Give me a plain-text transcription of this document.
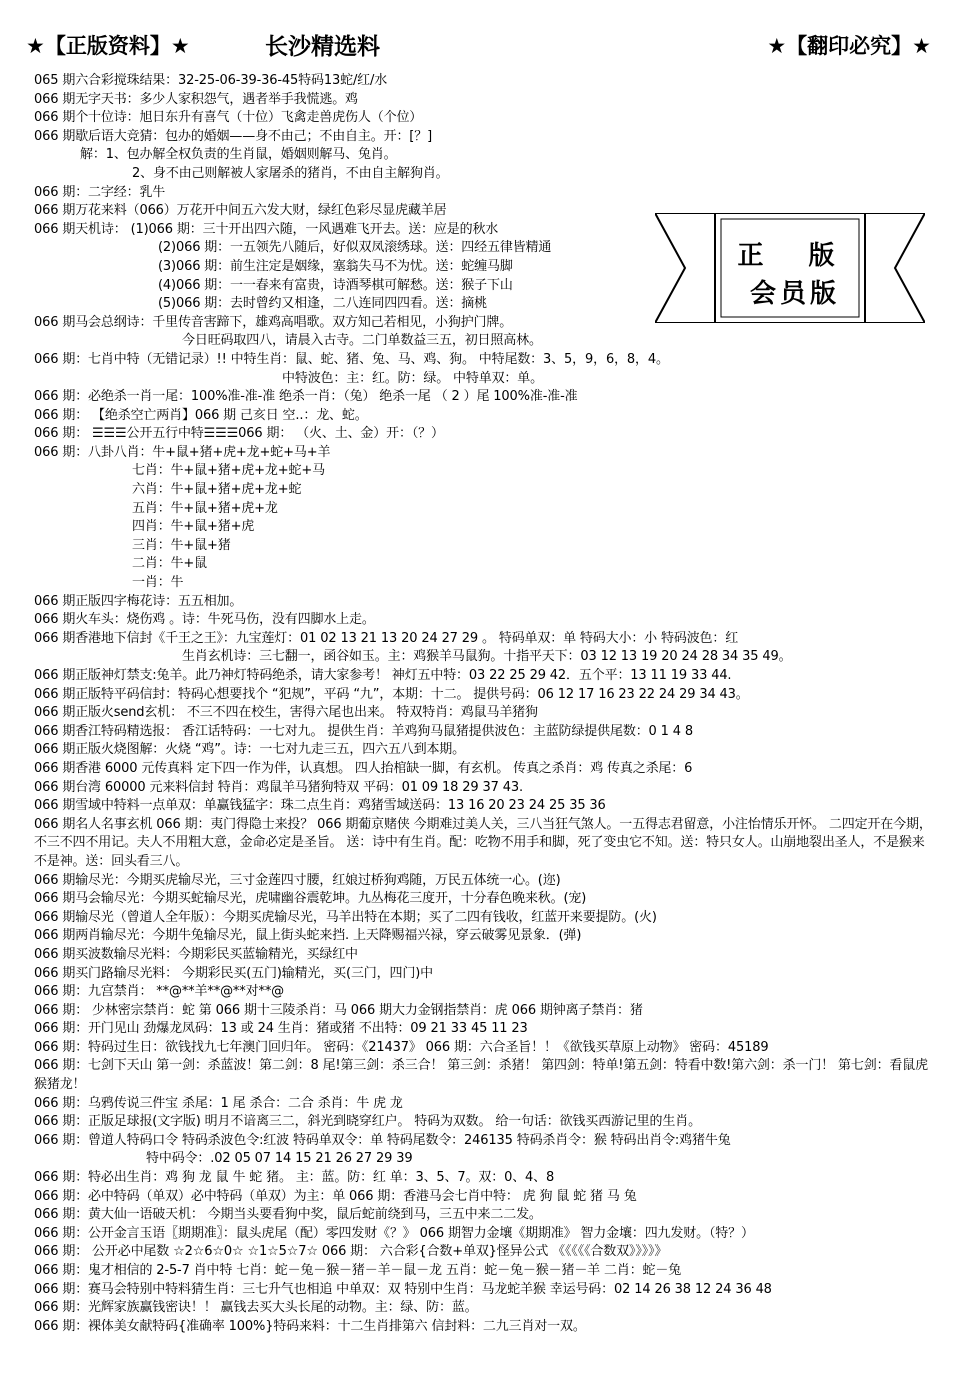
★【正版资料】★	长沙精选料	★【翻印必究】★
正 版
会员版
065 期六合彩搅珠结果：32-25-06-39-36-45特码13蛇/红/水
066 期无字天书：多少人家积怨气，遇者举手我慌逃。鸡
066 期个十位诗：旭日东升有喜气（十位）飞禽走兽虎伤人（个位）
066 期歇后语大竞猜：包办的婚姻——身不由己；不由自主。开：[？]
解：1、包办解全权负责的生肖鼠，婚姻则解马、兔肖。
2、身不由己则解被人家屠杀的猪肖，不由自主解狗肖。
066 期：二字经：乳牛
066 期万花来料（066）万花开中间五六发大财，绿红色彩尽显虎藏羊居
066 期天机诗： (1)066 期：三十开出四六随，一风遇难飞开去。送：应是的秋水
(2)066 期：一五领先八随后，好似双凤滚绣球。送：四经五律皆精通
(3)066 期：前生注定是姻缘，塞翁失马不为忧。送：蛇缠马脚
(4)066 期：一一春来有富贵，诗酒琴棋可解愁。送：猴子下山
(5)066 期：去时曾约又相逢，二八连同四四看。送：摘桃
066 期马会总纲诗：千里传音害蹄下，雄鸡高唱歌。双方知己若相见，小狗护门牌。
今日旺码取四八，请晨入古寺。二门单数益三五，初日照高林。
066 期：七肖中特（无错记录）!! 中特生肖：鼠、蛇、猪、兔、马、鸡、狗。 中特尾数：3、5，9，6，8，4。
中特波色：主：红。防：绿。 中特单双：单。
066 期：必绝杀一肖一尾：100%准-准-准 绝杀一肖：（兔） 绝杀一尾 （ 2 ）尾 100%准-准-准
066 期： 【绝杀空亡两肖】066 期 己亥日 空..：龙、蛇。
066 期： ☰☰☰公开五行中特☰☰☰066 期： （火、土、金）开：（？）
066 期：八卦八肖：牛+鼠+猪+虎+龙+蛇+马+羊
七肖：牛+鼠+猪+虎+龙+蛇+马
六肖：牛+鼠+猪+虎+龙+蛇
五肖：牛+鼠+猪+虎+龙
四肖：牛+鼠+猪+虎
三肖：牛+鼠+猪
二肖：牛+鼠
一肖：牛
066 期正版四字梅花诗：五五相加。
066 期火车头：烧伤鸡 。诗：牛死马伤，没有四脚水上走。
066 期香港地下信封《千王之王》：九宝莲灯：01 02 13 21 13 20 24 27 29 。 特码单双：单 特码大小：小 特码波色：红
生肖玄机诗：三七翻一，函谷如玉。主：鸡猴羊马鼠狗。十指平天下：03 12 13 19 20 24 28 34 35 49。
066 期正版神灯禁支:兔羊。此乃神灯特码绝杀，请大家参考！ 神灯五中特：03 22 25 29 42．五个平：13 11 19 33 44.
066 期正版特平码信封：特码心想要找个 “犯规”，平码 “九”，本期：十二。 提供号码：06 12 17 16 23 22 24 29 34 43。
066 期正版火send玄机： 不三不四在校生，害得六尾也出来。 特双特肖：鸡鼠马羊猪狗
066 期香江特码精选报： 香江话特码：一七对九。 提供生肖：羊鸡狗马鼠猪提供波色：主蓝防绿提供尾数：0 1 4 8
066 期正版火烧图解：火烧 “鸡”。诗：一七对九走三五，四六五八到本期。
066 期香港 6000 元传真料 定下四一作为伴，认真想。 四人抬棺缺一脚，有玄机。 传真之杀肖：鸡 传真之杀尾：6
066 期台湾 60000 元来料信封 特肖：鸡鼠羊马猪狗特双 平码：01 09 18 29 37 43.
066 期雪域中特料一点单双：单赢钱猛字：珠二点生肖：鸡猪雪域送码：13 16 20 23 24 25 35 36
066 期名人名事玄机 066 期：夷门得隐士来投？ 066 期葡京赌侠 今期难过美人关，三八当狂气煞人。一五得志君留意，小注怡情乐开怀。 二四定开在今期，不三不四不用记。夫人不用粗大意，金命必定是圣旨。 送：诗中有生肖。配：吃物不用手和脚，死了变虫它不知。送：特只女人。山崩地裂出圣人，不是猴来不是神。送：回头看三八。
066 期输尽光：今期买虎输尽光，三寸金莲四寸腰，红娘过桥狗鸡随，万民五体统一心。(迩)
066 期马会输尽光：今期买蛇输尽光，虎啸幽谷震乾坤。九丛梅花三度开，十分春色晚来秋。(宠)
066 期输尽光（曾道人全年版）：今期买虎输尽光，马羊出特在本期；买了二四有钱收，红蓝开来要提防。(火)
066 期两肖输尽光：今期牛兔输尽光，鼠上街头蛇来挡. 上天降赐福兴禄，穿云破雾见景象．(弹)
066 期买波数输尽光料：今期彩民买蓝输精光，买绿红中
066 期买门路输尽光料： 今期彩民买(五门)输精光，买(三门，四门)中
066 期：九宫禁肖： **@**羊**@**对**@
066 期： 少林密宗禁肖：蛇 第 066 期十三陵杀肖：马 066 期大力金钢指禁肖：虎 066 期钟离子禁肖：猪
066 期：开门见山 劲爆龙凤码：13 或 24 生肖：猪或猪 不出特：09 21 33 45 11 23
066 期：特码过生日：欲钱找九七年澳门回归年。 密码：《21437》 066 期：六合圣旨！！《欲钱买草原上动物》 密码：45189
066 期：七剑下天山 第一剑：杀蓝波！第二剑：8 尾!第三剑：杀三合！ 第三剑：杀猪！ 第四剑：特单!第五剑：特看中数!第六剑：杀一门！ 第七剑：看鼠虎猴猪龙！
066 期：乌鸦传说三件宝 杀尾：1 尾 杀合：二合 杀肖：牛 虎 龙
066 期：正版足球报(文字版) 明月不谙离三二，斜光到晓穿红户。 特码为双数。 给一句话：欲钱买西游记里的生肖。
066 期：曾道人特码口令 特码杀波色令:红波 特码单双令：单 特码尾数令：246135 特码杀肖令：猴 特码出肖令:鸡猪牛兔
特中码令：.02 05 07 14 15 21 26 27 29 39
066 期：特必出生肖：鸡 狗 龙 鼠 牛 蛇 猪。 主：蓝。防：红 单：3、5、7。双：0、4、8
066 期：必中特码（单双）必中特码（单双）为主：单 066 期：香港马会七肖中特： 虎 狗 鼠 蛇 猪 马 兔
066 期：黄大仙一语破天机： 今期当头要看狗中奖，鼠后蛇前绕到马，三五中来二二发。
066 期：公开金言玉语〖期期准〗：鼠头虎尾（配）零四发财《？》 066 期智力金壤《期期准》 智力金壤：四九发财。（特？）
066 期： 公开必中尾数 ☆2☆6☆0☆ ☆1☆5☆7☆ 066 期： 六合彩{合数+单双}怪异公式 《《《《《合数双》》》》》
066 期：鬼才相信的 2-5-7 肖中特 七肖：蛇－兔－猴－猪－羊－鼠－龙 五肖：蛇－兔－猴－猪－羊 二肖：蛇－兔
066 期：赛马会特别中特料猜生肖：三七升气也相追 中单双：双 特别中生肖：马龙蛇羊猴 幸运号码：02 14 26 38 12 24 36 48
066 期：光辉家族赢钱密诀！！ 赢钱去买大头长尾的动物。主：绿、防：蓝。
066 期：裸体美女献特码{准确率 100%}特码来料：十二生肖排第六 信封料：二九三肖对一双。
